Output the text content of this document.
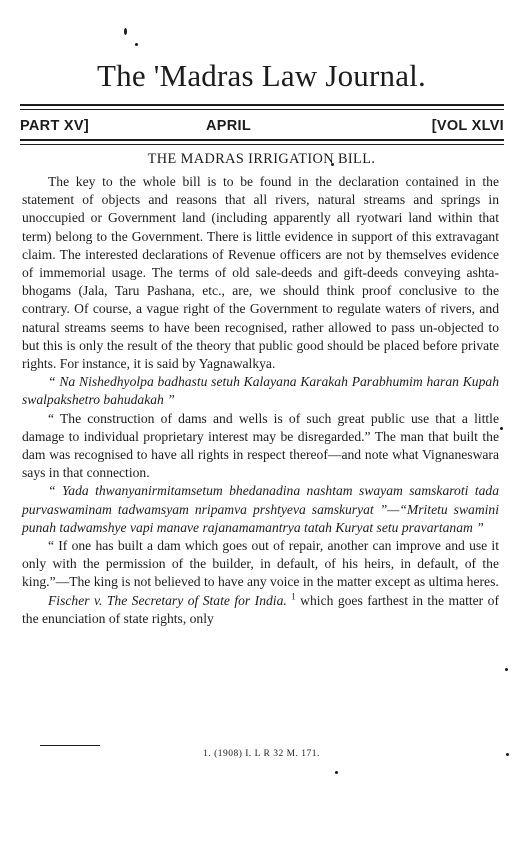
The 'Madras Law Journal.
PART XV]	APRIL	[VOL XLVI
THE MADRAS IRRIGATION BILL.

The key to the whole bill is to be found in the declaration contained in the statement of objects and reasons that all rivers, natural streams and springs in unoccupied or Government land (including apparently all ryotwari land within that term) belong to the Government. There is little evidence in support of this extravagant claim. The interested declarations of Revenue officers are not by themselves evidence of immemorial usage. The terms of old sale-deeds and gift-deeds conveying ashta-bhogams (Jala, Taru Pashana, etc., are, we should think proof conclusive to the contrary. Of course, a vague right of the Government to regulate waters of rivers, and natural streams seems to have been recognised, rather allowed to pass un-objected to but this is only the result of the theory that public good should be placed before private rights. For instance, it is said by Yagnawalkya.

“ Na Nishedhyolpa badhastu setuh Kalayana Karakah Parabhumim haran Kupah swalpakshetro bahudakah ”

“ The construction of dams and wells is of such great public use that a little damage to individual proprietary interest may be disregarded.” The man that built the dam was recognised to have all rights in respect thereof—and note what Vignaneswara says in that connection.

“ Yada thwanyanirmitamsetum bhedanadina nashtam swayam samskaroti tada purvaswaminam tadwamsyam nripamva prshtyeva samskuryat ”—“Mritetu swamini punah tadwamshye vapi manave rajanamamantrya tatah Kuryat setu pravartanam ”

“ If one has built a dam which goes out of repair, another can improve and use it only with the permission of the builder, in default, of his heirs, in default, of the king.”—The king is not believed to have any voice in the matter except as ultima heres.

Fischer v. The Secretary of State for India. $^1$ which goes farthest in the matter of the enunciation of state rights, only

1. (1908) I. L R 32 M. 171.
